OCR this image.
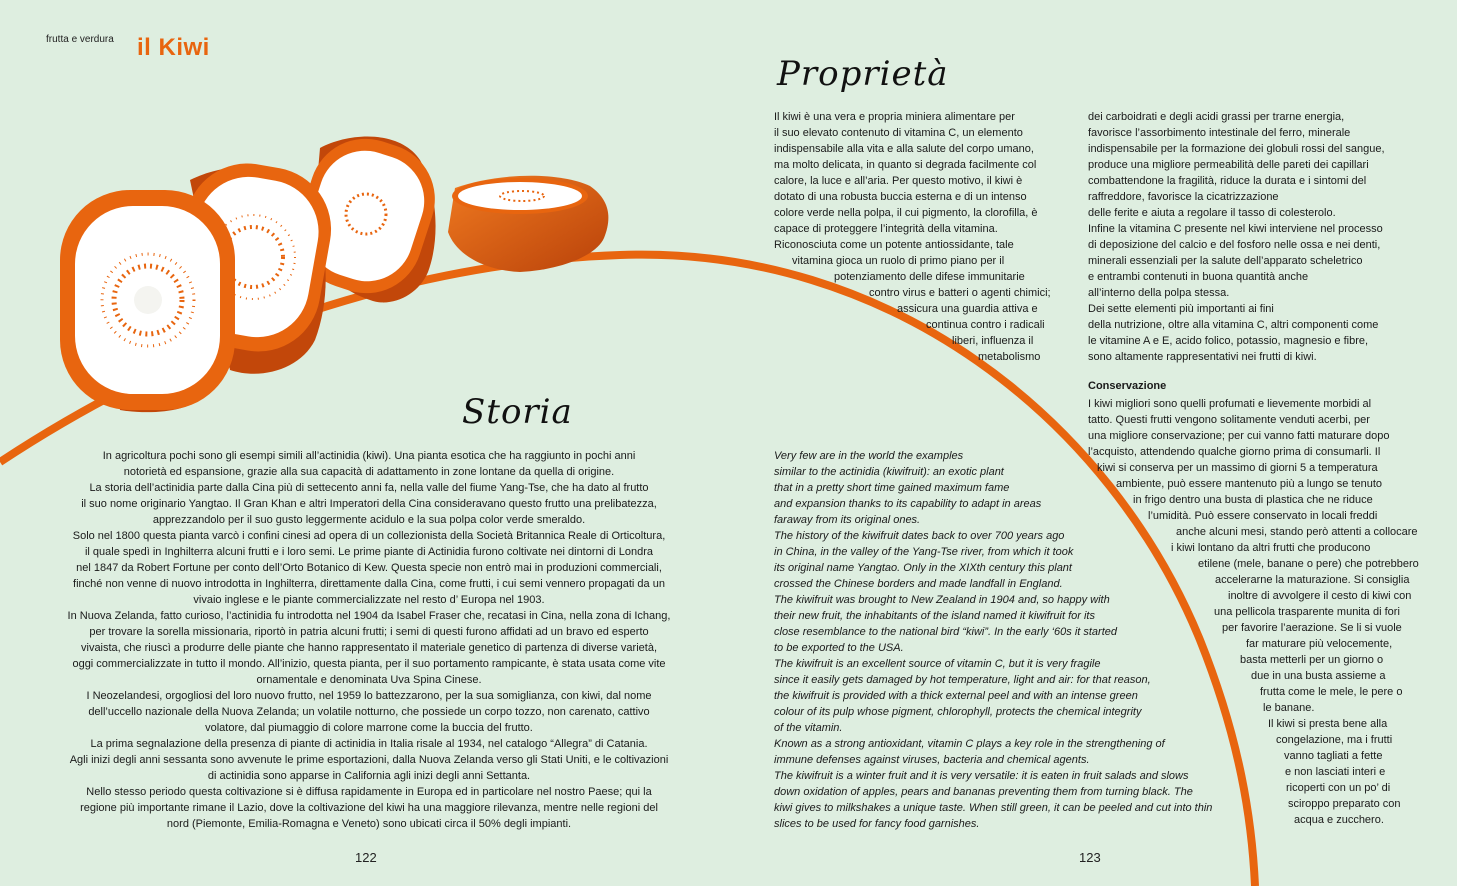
frutta e verdura il Kiwi
Proprietà
Storia

Il kiwi è una vera e propria miniera alimentare per
il suo elevato contenuto di vitamina C, un elemento
indispensabile alla vita e alla salute del corpo umano,
ma molto delicata, in quanto si degrada facilmente col
calore, la luce e all’aria. Per questo motivo, il kiwi è
dotato di una robusta buccia esterna e di un intenso
colore verde nella polpa, il cui pigmento, la clorofilla, è
capace di proteggere l’integrità della vitamina.
Riconosciuta come un potente antiossidante, tale
vitamina gioca un ruolo di primo piano per il
potenziamento delle difese immunitarie
contro virus e batteri o agenti chimici;
assicura una guardia attiva e
continua contro i radicali
liberi, influenza il
metabolismo

dei carboidrati e degli acidi grassi per trarne energia,
favorisce l’assorbimento intestinale del ferro, minerale
indispensabile per la formazione dei globuli rossi del sangue,
produce una migliore permeabilità delle pareti dei capillari
combattendone la fragilità, riduce la durata e i sintomi del
raffreddore, favorisce la cicatrizzazione
delle ferite e aiuta a regolare il tasso di colesterolo.
Infine la vitamina C presente nel kiwi interviene nel processo
di deposizione del calcio e del fosforo nelle ossa e nei denti,
minerali essenziali per la salute dell’apparato scheletrico
e entrambi contenuti in buona quantità anche
all’interno della polpa stessa.
Dei sette elementi più importanti ai fini
della nutrizione, oltre alla vitamina C, altri componenti come
le vitamine A e E, acido folico, potassio, magnesio e fibre,
sono altamente rappresentativi nei frutti di kiwi.

Conservazione

I kiwi migliori sono quelli profumati e lievemente morbidi al
tatto. Questi frutti vengono solitamente venduti acerbi, per
una migliore conservazione; per cui vanno fatti maturare dopo
l’acquisto, attendendo qualche giorno prima di consumarli. Il
kiwi si conserva per un massimo di giorni 5 a temperatura
ambiente, può essere mantenuto più a lungo se tenuto
in frigo dentro una busta di plastica che ne riduce
l’umidità. Può essere conservato in locali freddi
anche alcuni mesi, stando però attenti a collocare
i kiwi lontano da altri frutti che producono
etilene (mele, banane o pere) che potrebbero
accelerarne la maturazione. Si consiglia
inoltre di avvolgere il cesto di kiwi con
una pellicola trasparente munita di fori
per favorire l’aerazione. Se li si vuole
far maturare più velocemente,
basta metterli per un giorno o
due in una busta assieme a
frutta come le mele, le pere o
le banane.
Il kiwi si presta bene alla
congelazione, ma i frutti
vanno tagliati a fette
e non lasciati interi e
ricoperti con un po’ di
sciroppo preparato con
acqua e zucchero.

In agricoltura pochi sono gli esempi simili all’actinidia (kiwi). Una pianta esotica che ha raggiunto in pochi anni
notorietà ed espansione, grazie alla sua capacità di adattamento in zone lontane da quella di origine.
La storia dell’actinidia parte dalla Cina più di settecento anni fa, nella valle del fiume Yang-Tse, che ha dato al frutto
il suo nome originario Yangtao. Il Gran Khan e altri Imperatori della Cina consideravano questo frutto una prelibatezza,
apprezzandolo per il suo gusto leggermente acidulo e la sua polpa color verde smeraldo.
Solo nel 1800 questa pianta varcò i confini cinesi ad opera di un collezionista della Società Britannica Reale di Orticoltura,
il quale spedì in Inghilterra alcuni frutti e i loro semi. Le prime piante di Actinidia furono coltivate nei dintorni di Londra
nel 1847 da Robert Fortune per conto dell’Orto Botanico di Kew. Questa specie non entrò mai in produzioni commerciali,
finché non venne di nuovo introdotta in Inghilterra, direttamente dalla Cina, come frutti, i cui semi vennero propagati da un
vivaio inglese e le piante commercializzate nel resto d’ Europa nel 1903.
In Nuova Zelanda, fatto curioso, l’actinidia fu introdotta nel 1904 da Isabel Fraser che, recatasi in Cina, nella zona di Ichang,
per trovare la sorella missionaria, riportò in patria alcuni frutti; i semi di questi furono affidati ad un bravo ed esperto
vivaista, che riuscì a produrre delle piante che hanno rappresentato il materiale genetico di partenza di diverse varietà,
oggi commercializzate in tutto il mondo. All’inizio, questa pianta, per il suo portamento rampicante, è stata usata come vite
ornamentale e denominata Uva Spina Cinese.
I Neozelandesi, orgogliosi del loro nuovo frutto, nel 1959 lo battezzarono, per la sua somiglianza, con kiwi, dal nome
dell’uccello nazionale della Nuova Zelanda; un volatile notturno, che possiede un corpo tozzo, non carenato, cattivo
volatore, dal piumaggio di colore marrone come la buccia del frutto.
La prima segnalazione della presenza di piante di actinidia in Italia risale al 1934, nel catalogo “Allegra” di Catania.
Agli inizi degli anni sessanta sono avvenute le prime esportazioni, dalla Nuova Zelanda verso gli Stati Uniti, e le coltivazioni
di actinidia sono apparse in California agli inizi degli anni Settanta.
Nello stesso periodo questa coltivazione si è diffusa rapidamente in Europa ed in particolare nel nostro Paese; qui la
regione più importante rimane il Lazio, dove la coltivazione del kiwi ha una maggiore rilevanza, mentre nelle regioni del
nord (Piemonte, Emilia-Romagna e Veneto) sono ubicati circa il 50% degli impianti.

Very few are in the world the examples
similar to the actinidia (kiwifruit): an exotic plant
that in a pretty short time gained maximum fame
and expansion thanks to its capability to adapt in areas
faraway from its original ones.
The history of the kiwifruit dates back to over 700 years ago
in China, in the valley of the Yang-Tse river, from which it took
its original name Yangtao. Only in the XIXth century this plant
crossed the Chinese borders and made landfall in England.
The kiwifruit was brought to New Zealand in 1904 and, so happy with
their new fruit, the inhabitants of the island named it kiwifruit for its
close resemblance to the national bird “kiwi”. In the early ‘60s it started
to be exported to the USA.
The kiwifruit is an excellent source of vitamin C, but it is very fragile
since it easily gets damaged by hot temperature, light and air: for that reason,
the kiwifruit is provided with a thick external peel and with an intense green
colour of its pulp whose pigment, chlorophyll, protects the chemical integrity
of the vitamin.
Known as a strong antioxidant, vitamin C plays a key role in the strengthening of
immune defenses against viruses, bacteria and chemical agents.
The kiwifruit is a winter fruit and it is very versatile: it is eaten in fruit salads and slows
down oxidation of apples, pears and bananas preventing them from turning black. The
kiwi gives to milkshakes a unique taste. When still green, it can be peeled and cut into thin
slices to be used for fancy food garnishes.

122	123
